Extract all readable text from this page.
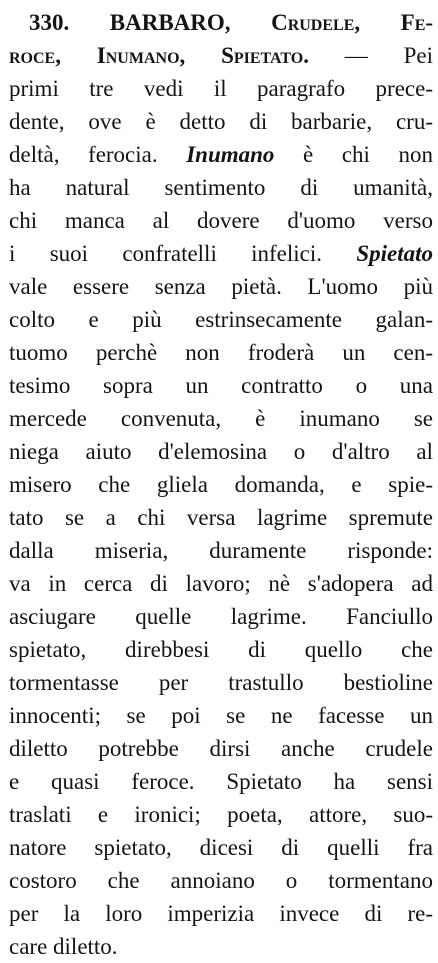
330. BARBARO, Crudele, Fe-
roce, Inumano, Spietato. — Pei
primi tre vedi il paragrafo prece-
dente, ove è detto di barbarie, cru-
deltà, ferocia. Inumano è chi non
ha natural sentimento di umanità,
chi manca al dovere d'uomo verso
i suoi confratelli infelici. Spietato
vale essere senza pietà. L'uomo più
colto e più estrinsecamente galan-
tuomo perchè non froderà un cen-
tesimo sopra un contratto o una
mercede convenuta, è inumano se
niega aiuto d'elemosina o d'altro al
misero che gliela domanda, e spie-
tato se a chi versa lagrime spremute
dalla miseria, duramente risponde:
va in cerca di lavoro; nè s'adopera ad
asciugare quelle lagrime. Fanciullo
spietato, direbbesi di quello che
tormentasse per trastullo bestioline
innocenti; se poi se ne facesse un
diletto potrebbe dirsi anche crudele
e quasi feroce. Spietato ha sensi
traslati e ironici; poeta, attore, suo-
natore spietato, dicesi di quelli fra
costoro che annoiano o tormentano
per la loro imperizia invece di re-
care diletto.
